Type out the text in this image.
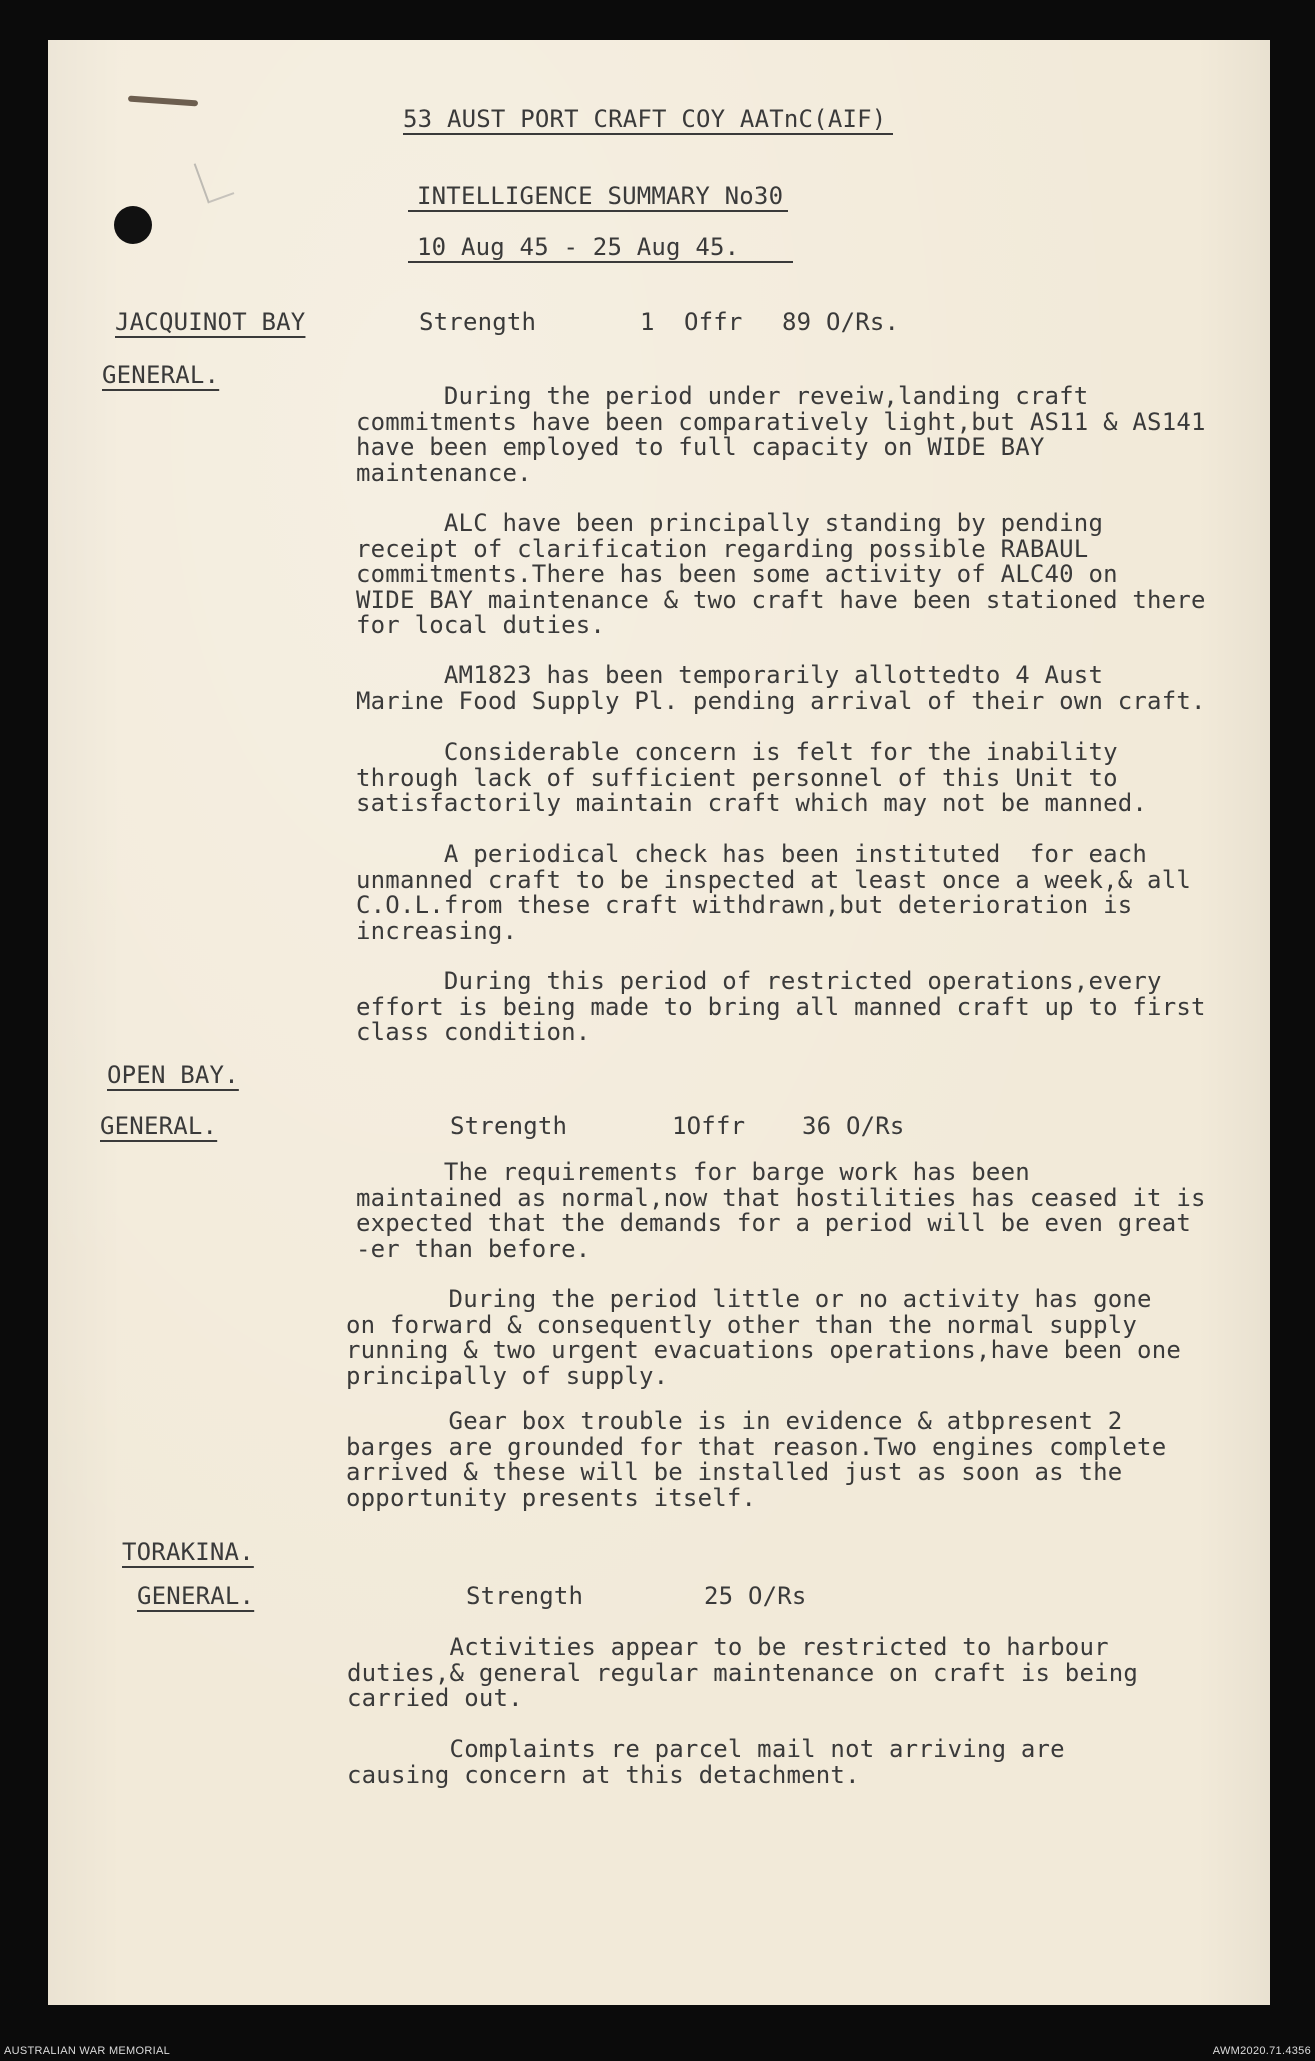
53 AUST PORT CRAFT COY AATnC(AIF)
INTELLIGENCE SUMMARY No30
10 Aug 45 - 25 Aug 45.
JACQUINOT BAY	Strength	1  Offr 89 O/Rs.
GENERAL.
During the period under reveiw,landing craft
commitments have been comparatively light,but AS11 & AS141
have been employed to full capacity on WIDE BAY
maintenance.
ALC have been principally standing by pending
receipt of clarification regarding possible RABAUL
commitments.There has been some activity of ALC40 on
WIDE BAY maintenance & two craft have been stationed there
for local duties.
AM1823 has been temporarily allottedto 4 Aust
Marine Food Supply Pl. pending arrival of their own craft.
Considerable concern is felt for the inability
through lack of sufficient personnel of this Unit to
satisfactorily maintain craft which may not be manned.
A periodical check has been instituted  for each
unmanned craft to be inspected at least once a week,& all
C.O.L.from these craft withdrawn,but deterioration is
increasing.
During this period of restricted operations,every
effort is being made to bring all manned craft up to first
class condition.
OPEN BAY.
GENERAL.	Strength	1Offr 36 O/Rs
The requirements for barge work has been
maintained as normal,now that hostilities has ceased it is
expected that the demands for a period will be even great
-er than before.
During the period little or no activity has gone
on forward & consequently other than the normal supply
running & two urgent evacuations operations,have been one
principally of supply.
Gear box trouble is in evidence & atbpresent 2
barges are grounded for that reason.Two engines complete
arrived & these will be installed just as soon as the
opportunity presents itself.
TORAKINA.
GENERAL.	Strength	25 O/Rs
Activities appear to be restricted to harbour
duties,& general regular maintenance on craft is being
carried out.
Complaints re parcel mail not arriving are
causing concern at this detachment.
AUSTRALIAN WAR MEMORIAL	AWM2020.71.4356
